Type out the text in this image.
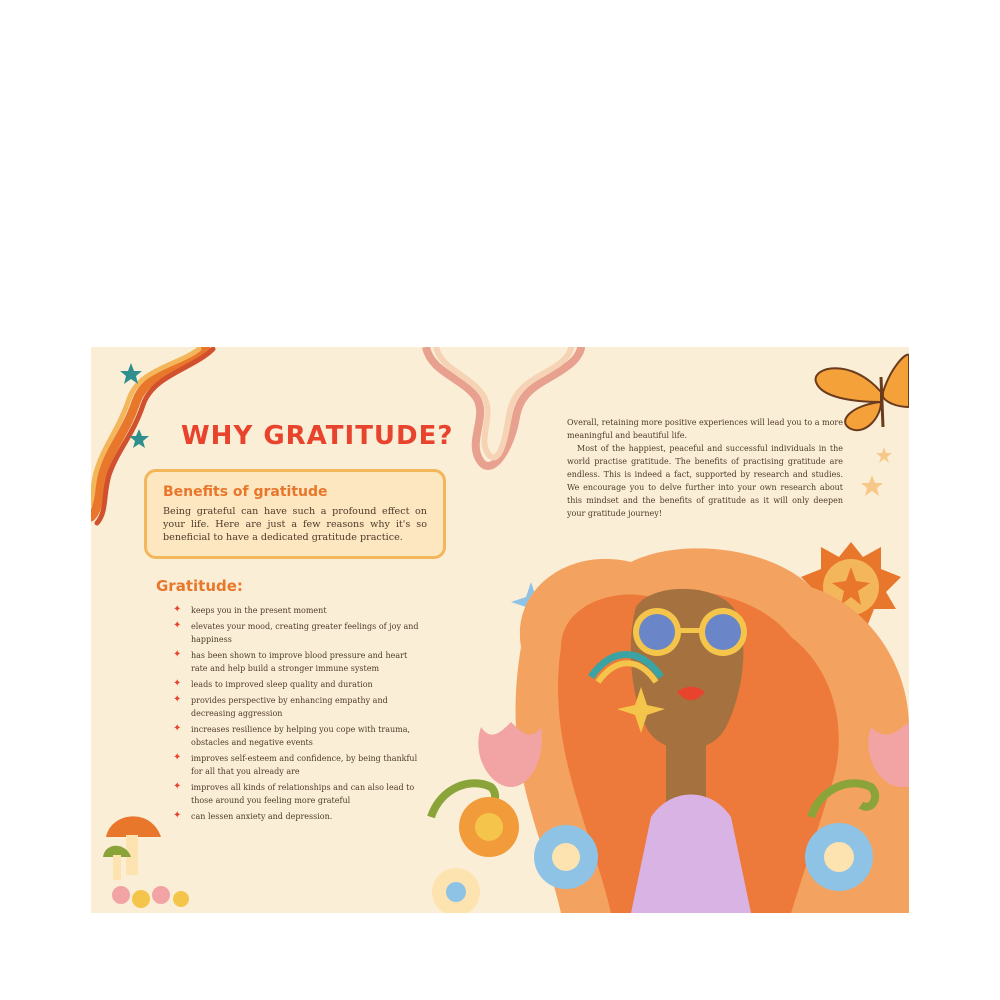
WHY GRATITUDE?
Benefits of gratitude

Being grateful can have such a profound effect on your life. Here are just a few reasons why it's so beneficial to have a dedicated gratitude practice.

Gratitude:
✦ keeps you in the present moment
✦ elevates your mood, creating greater feelings of joy and happiness
✦ has been shown to improve blood pressure and heart rate and help build a stronger immune system
✦ leads to improved sleep quality and duration
✦ provides perspective by enhancing empathy and decreasing aggression
✦ increases resilience by helping you cope with trauma, obstacles and negative events
✦ improves self-esteem and confidence, by being thankful for all that you already are
✦ improves all kinds of relationships and can also lead to those around you feeling more grateful
✦ can lessen anxiety and depression.

Overall, retaining more positive experiences will lead you to a more meaningful and beautiful life.

Most of the happiest, peaceful and successful individuals in the world practise gratitude. The benefits of practising gratitude are endless. This is indeed a fact, supported by research and studies. We encourage you to delve further into your own research about this mindset and the benefits of gratitude as it will only deepen your gratitude journey!
